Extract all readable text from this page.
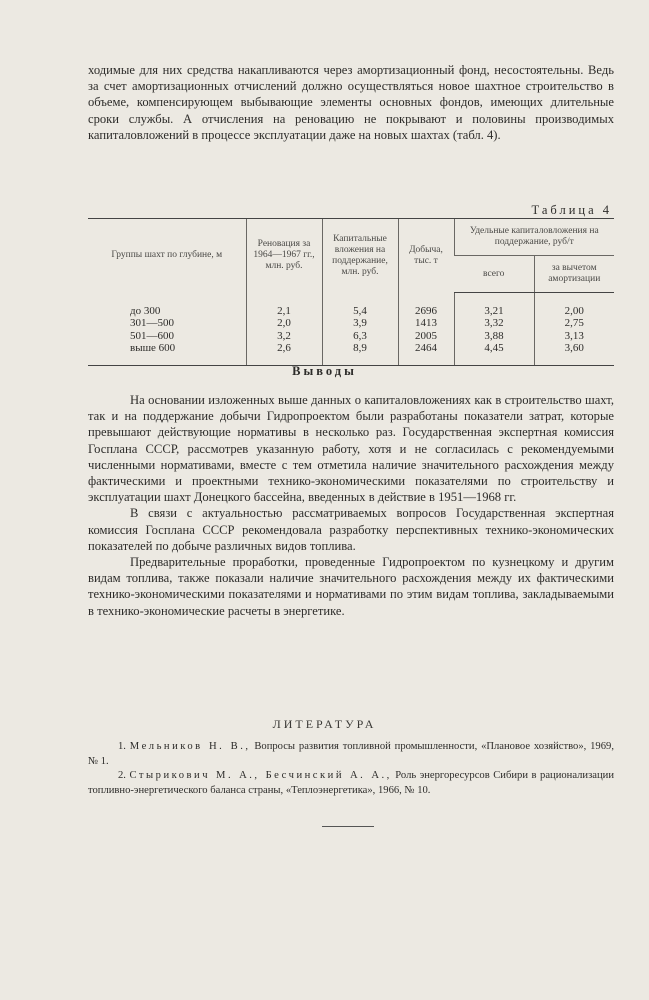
ходимые для них средства накапливаются через амортизационный фонд, несостоятельны. Ведь за счет амортизационных отчислений должно осуществляться новое шахтное строительство в объеме, компенсирующем выбывающие элементы основных фондов, имеющих длительные сроки службы. А отчисления на реновацию не покрывают и половины производимых капиталовложений в процессе эксплуатации даже на новых шахтах (табл. 4).

Таблица 4
Группы шахт по глубине, м	Реновация за 1964—1967 гг., млн. руб.	Капитальные вложения на поддержание, млн. руб.	Добыча, тыс. т	Удельные капиталовложения на поддержание, руб/т	
				всего	за вычетом амортизации
до 300	2,1	5,4	2696	3,21	2,00
301—500	2,0	3,9	1413	3,32	2,75
501—600	3,2	6,3	2005	3,88	3,13
выше 600	2,6	8,9	2464	4,45	3,60
Выводы

На основании изложенных выше данных о капиталовложениях как в строительство шахт, так и на поддержание добычи Гидропроектом были разработаны показатели затрат, которые превышают действующие нормативы в несколько раз. Государственная экспертная комиссия Госплана СССР, рассмотрев указанную работу, хотя и не согласилась с рекомендуемыми численными нормативами, вместе с тем отметила наличие значительного расхождения между фактическими и проектными технико-экономическими показателями по строительству и эксплуатации шахт Донецкого бассейна, введенных в действие в 1951—1968 гг.

В связи с актуальностью рассматриваемых вопросов Государственная экспертная комиссия Госплана СССР рекомендовала разработку перспективных технико-экономических показателей по добыче различных видов топлива.

Предварительные проработки, проведенные Гидропроектом по кузнецкому и другим видам топлива, также показали наличие значительного расхождения между их фактическими технико-экономическими показателями и нормативами по этим видам топлива, закладываемыми в технико-экономические расчеты в энергетике.

ЛИТЕРАТУРА

1. Мельников Н. В., Вопросы развития топливной промышленности, «Плановое хозяйство», 1969, № 1.

2. Стырикович М. А., Бесчинский А. А., Роль энергоресурсов Сибири в рационализации топливно-энергетического баланса страны, «Теплоэнергетика», 1966, № 10.
